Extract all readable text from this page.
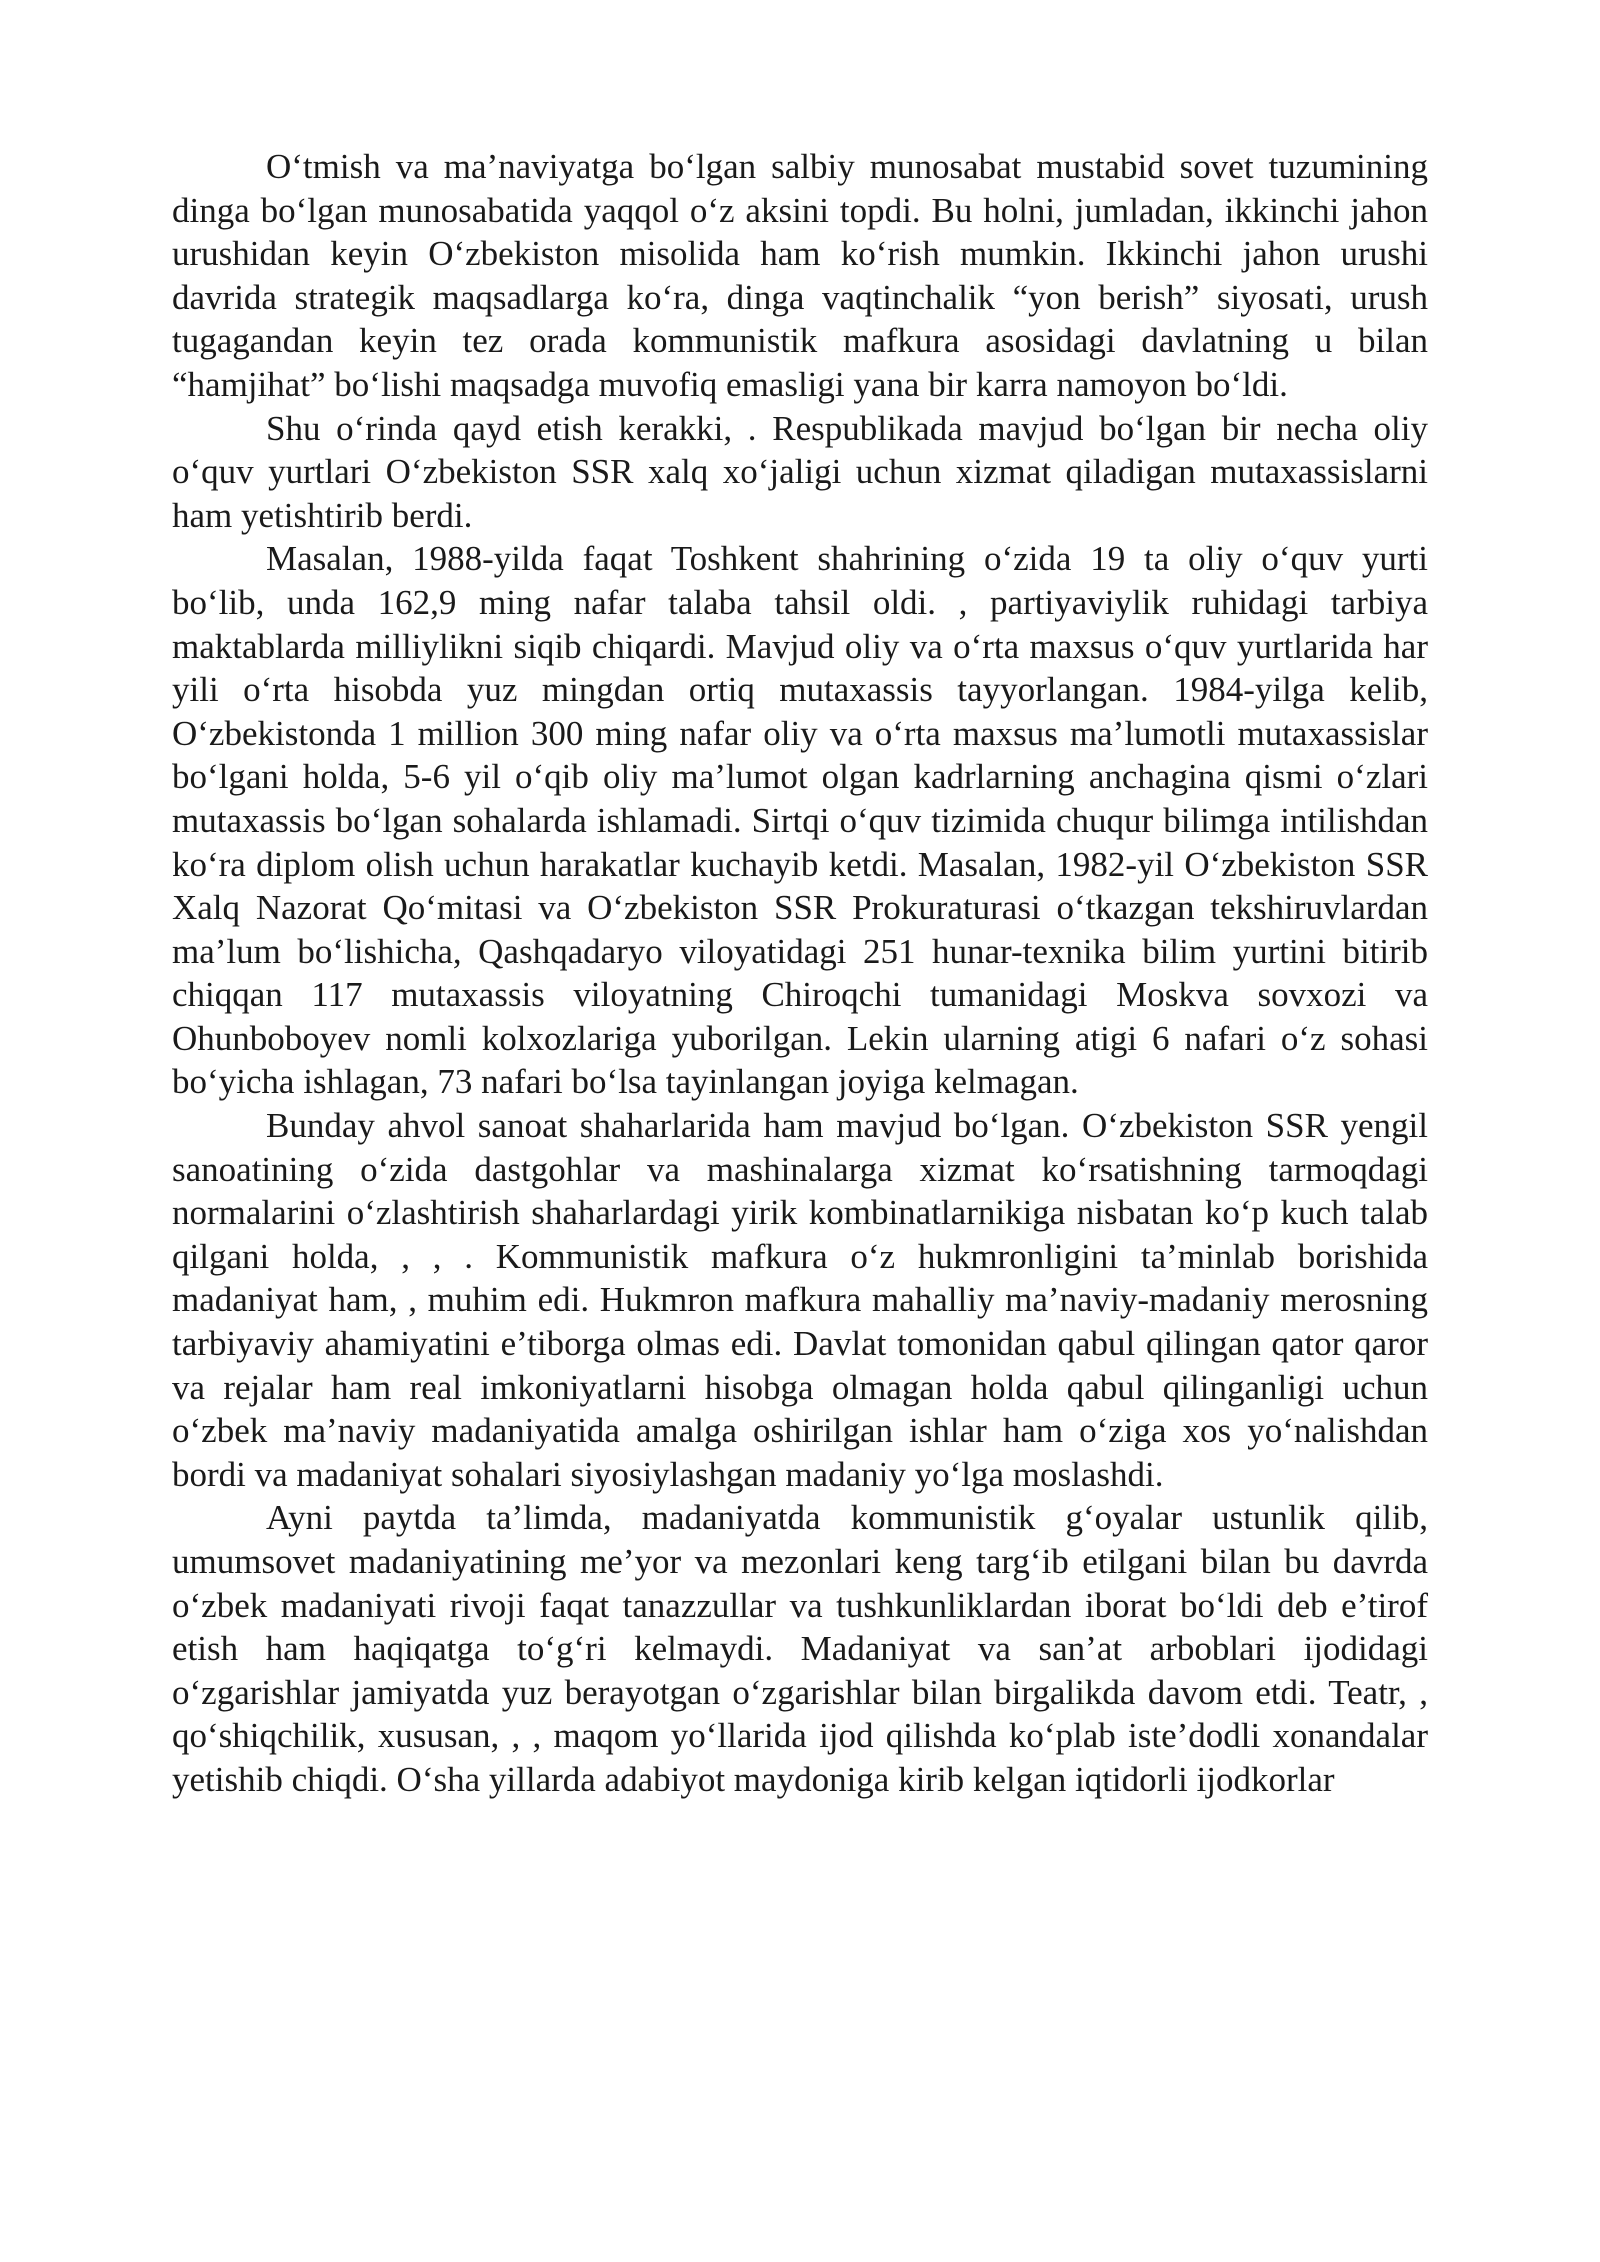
O‘tmish va ma’naviyatga bo‘lgan salbiy munosabat mustabid sovet tuzumining dinga bo‘lgan munosabatida yaqqol o‘z aksini topdi. Bu holni, jumladan, ikkinchi jahon urushidan keyin O‘zbekiston misolida ham ko‘rish mumkin. Ikkinchi jahon urushi davrida strategik maqsadlarga ko‘ra, dinga vaqtinchalik “yon berish” siyosati, urush tugagandan keyin tez orada kommunistik mafkura asosidagi davlatning u bilan “hamjihat” bo‘lishi maqsadga muvofiq emasligi yana bir karra namoyon bo‘ldi.

Shu o‘rinda qayd etish kerakki, . Respublikada mavjud bo‘lgan bir necha oliy o‘quv yurtlari O‘zbekiston SSR xalq xo‘jaligi uchun xizmat qiladigan mutaxassislarni ham yetishtirib berdi.

Masalan, 1988-yilda faqat Toshkent shahrining o‘zida 19 ta oliy o‘quv yurti bo‘lib, unda 162,9 ming nafar talaba tahsil oldi. , partiyaviylik ruhidagi tarbiya maktablarda milliylikni siqib chiqardi. Mavjud oliy va o‘rta maxsus o‘quv yurtlarida har yili o‘rta hisobda yuz mingdan ortiq mutaxassis tayyorlangan. 1984-yilga kelib, O‘zbekistonda 1 million 300 ming nafar oliy va o‘rta maxsus ma’lumotli mutaxassislar bo‘lgani holda, 5-6 yil o‘qib oliy ma’lumot olgan kadrlarning anchagina qismi o‘zlari mutaxassis bo‘lgan sohalarda ishlamadi. Sirtqi o‘quv tizimida chuqur bilimga intilishdan ko‘ra diplom olish uchun harakatlar kuchayib ketdi. Masalan, 1982-yil O‘zbekiston SSR Xalq Nazorat Qo‘mitasi va O‘zbekiston SSR Prokuraturasi o‘tkazgan tekshiruvlardan ma’lum bo‘lishicha, Qashqadaryo viloyatidagi 251 hunar-texnika bilim yurtini bitirib chiqqan 117 mutaxassis viloyatning Chiroqchi tumanidagi Moskva sovxozi va Ohunboboyev nomli kolxozlariga yuborilgan. Lekin ularning atigi 6 nafari o‘z sohasi bo‘yicha ishlagan, 73 nafari bo‘lsa tayinlangan joyiga kelmagan.

Bunday ahvol sanoat shaharlarida ham mavjud bo‘lgan. O‘zbekiston SSR yengil sanoatining o‘zida dastgohlar va mashinalarga xizmat ko‘rsatishning tarmoqdagi normalarini o‘zlashtirish shaharlardagi yirik kombinatlarnikiga nisbatan ko‘p kuch talab qilgani holda, , , . Kommunistik mafkura o‘z hukmronligini ta’minlab borishida madaniyat ham, , muhim edi. Hukmron mafkura mahalliy ma’naviy-madaniy merosning tarbiyaviy ahamiyatini e’tiborga olmas edi. Davlat tomonidan qabul qilingan qator qaror va rejalar ham real imkoniyatlarni hisobga olmagan holda qabul qilinganligi uchun o‘zbek ma’naviy madaniyatida amalga oshirilgan ishlar ham o‘ziga xos yo‘nalishdan bordi va madaniyat sohalari siyosiylashgan madaniy yo‘lga moslashdi.

Ayni paytda ta’limda, madaniyatda kommunistik g‘oyalar ustunlik qilib, umumsovet madaniyatining me’yor va mezonlari keng targ‘ib etilgani bilan bu davrda o‘zbek madaniyati rivoji faqat tanazzullar va tushkunliklardan iborat bo‘ldi deb e’tirof etish ham haqiqatga to‘g‘ri kelmaydi. Madaniyat va san’at arboblari ijodidagi o‘zgarishlar jamiyatda yuz berayotgan o‘zgarishlar bilan birgalikda davom etdi. Teatr, , qo‘shiqchilik, xususan, , , maqom yo‘llarida ijod qilishda ko‘plab iste’dodli xonandalar yetishib chiqdi. O‘sha yillarda adabiyot maydoniga kirib kelgan iqtidorli ijodkorlar
